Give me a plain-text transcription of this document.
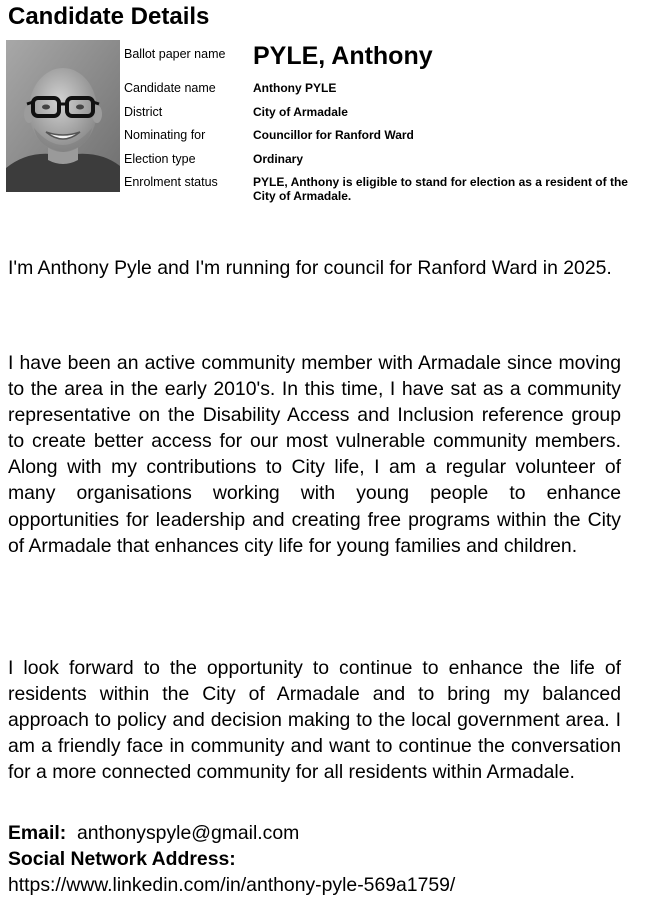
Candidate Details
Ballot paper name	PYLE, Anthony
Candidate name	Anthony PYLE
District	City of Armadale
Nominating for	Councillor for Ranford Ward
Election type	Ordinary
Enrolment status	PYLE, Anthony is eligible to stand for election as a resident of the City of Armadale.

I'm Anthony Pyle and I'm running for council for Ranford Ward in 2025.

I have been an active community member with Armadale since moving to the area in the early 2010's. In this time, I have sat as a community representative on the Disability Access and Inclusion reference group to create better access for our most vulnerable community members. Along with my contributions to City life, I am a regular volunteer of many organisations working with young people to enhance opportunities for leadership and creating free programs within the City of Armadale that enhances city life for young families and children.

I look forward to the opportunity to continue to enhance the life of residents within the City of Armadale and to bring my balanced approach to policy and decision making to the local government area. I am a friendly face in community and want to continue the conversation for a more connected community for all residents within Armadale.

Email: anthonyspyle@gmail.com
Social Network Address:
https://www.linkedin.com/in/anthony-pyle-569a1759/
